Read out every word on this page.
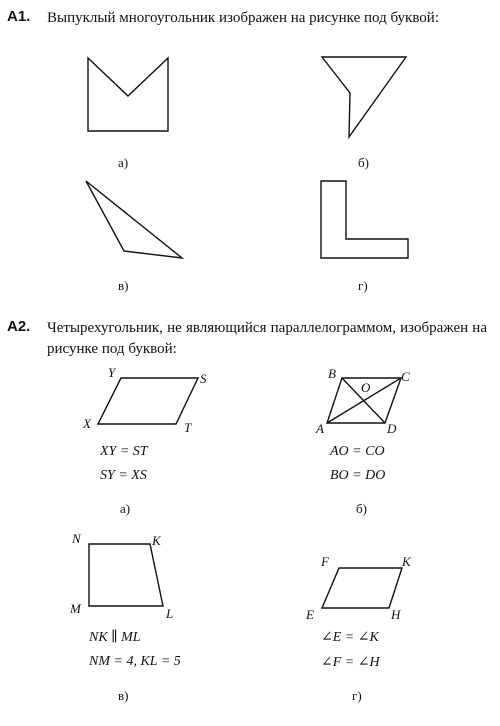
А1. Выпуклый многоугольник изображен на рисунке под буквой:
А2. Четырехугольник, не являющийся параллелограммом, изображен на рисунке под буквой:
Y	S
X	T
B	C
O
A	D
N	K
M	L
F	K
E	H
а)	б)
в)	г)
XY = ST
SY = XS
а)
AO = CO
BO = DO
б)
NK ∥ ML
NM = 4, KL = 5
в)
∠E = ∠K
∠F = ∠H
г)
